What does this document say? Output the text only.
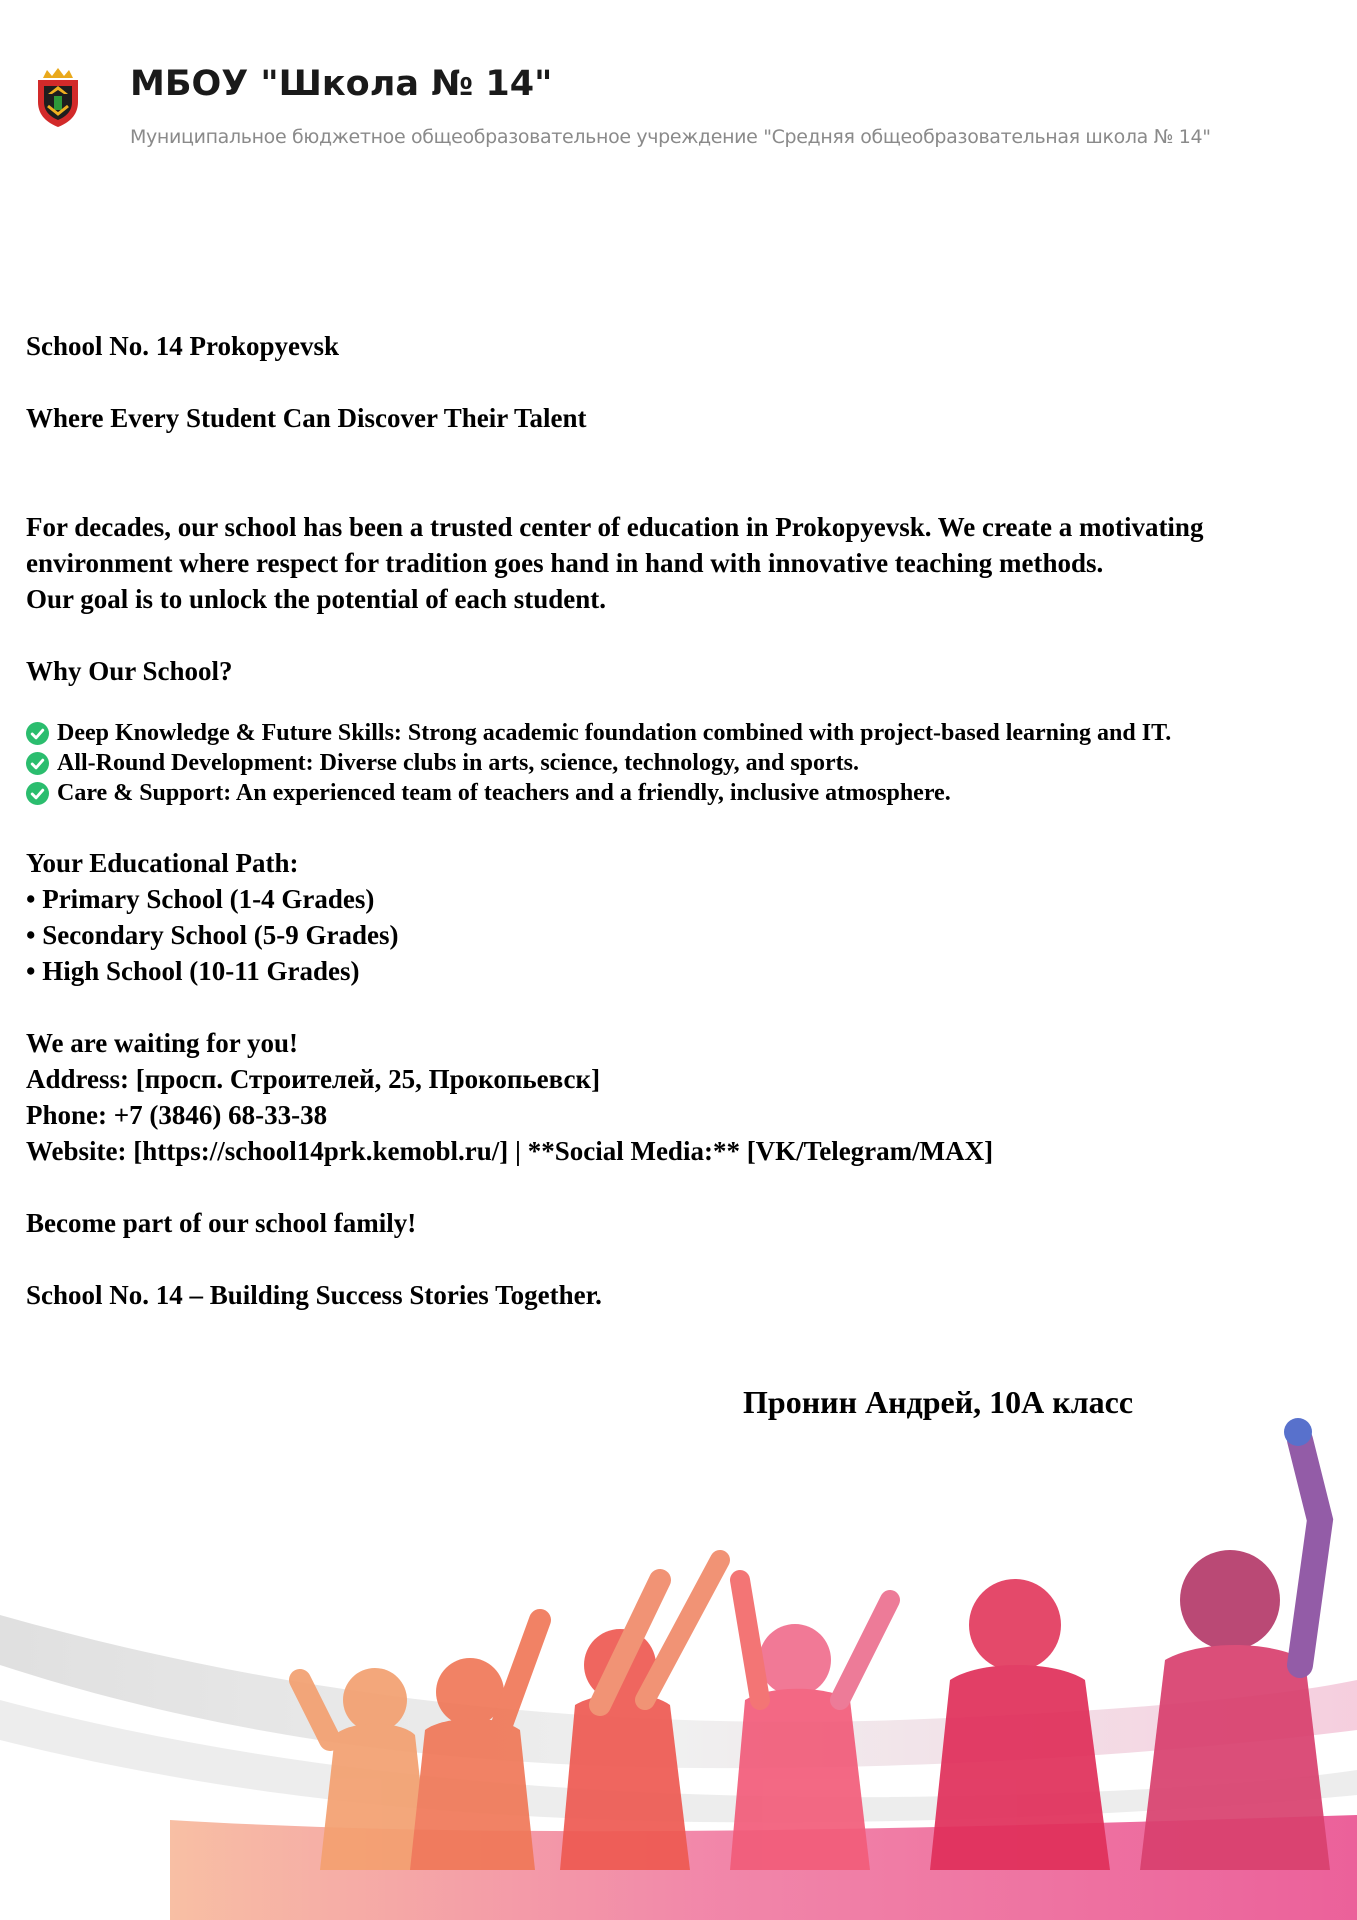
МБОУ "Школа № 14"
Муниципальное бюджетное общеобразовательное учреждение "Средняя общеобразовательная школа № 14"
School No. 14 Prokopyevsk
Where Every Student Can Discover Their Talent
For decades, our school has been a trusted center of education in Prokopyevsk. We create a motivating
environment where respect for tradition goes hand in hand with innovative teaching methods.
Our goal is to unlock the potential of each student.
Why Our School?
Deep Knowledge & Future Skills: Strong academic foundation combined with project-based learning and IT.
All-Round Development: Diverse clubs in arts, science, technology, and sports.
Care & Support: An experienced team of teachers and a friendly, inclusive atmosphere.
Your Educational Path:
• Primary School (1-4 Grades)
• Secondary School (5-9 Grades)
• High School (10-11 Grades)
We are waiting for you!
Address: [просп. Строителей, 25, Прокопьевск]
Phone: +7 (3846) 68-33-38
Website: [https://school14prk.kemobl.ru/] | **Social Media:** [VK/Telegram/MAX]
Become part of our school family!
School No. 14 – Building Success Stories Together.
Пронин Андрей, 10А класс
